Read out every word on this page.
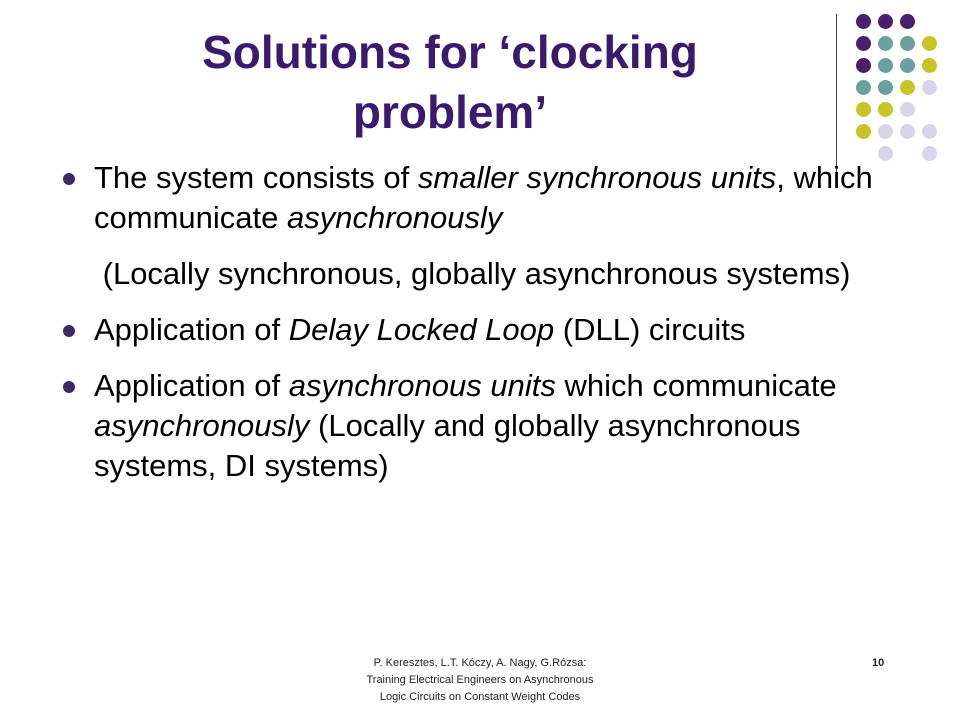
Solutions for ‘clocking problem’
The system consists of smaller synchronous units, which communicate asynchronously
(Locally synchronous, globally asynchronous systems)
Application of Delay Locked Loop (DLL) circuits
Application of asynchronous units which communicate asynchronously (Locally and globally asynchronous systems, DI systems)
P. Keresztes, L.T. Kóczy, A. Nagy, G.Rózsa:
Training Electrical Engineers on Asynchronous
Logic Circuits on Constant Weight Codes
10
